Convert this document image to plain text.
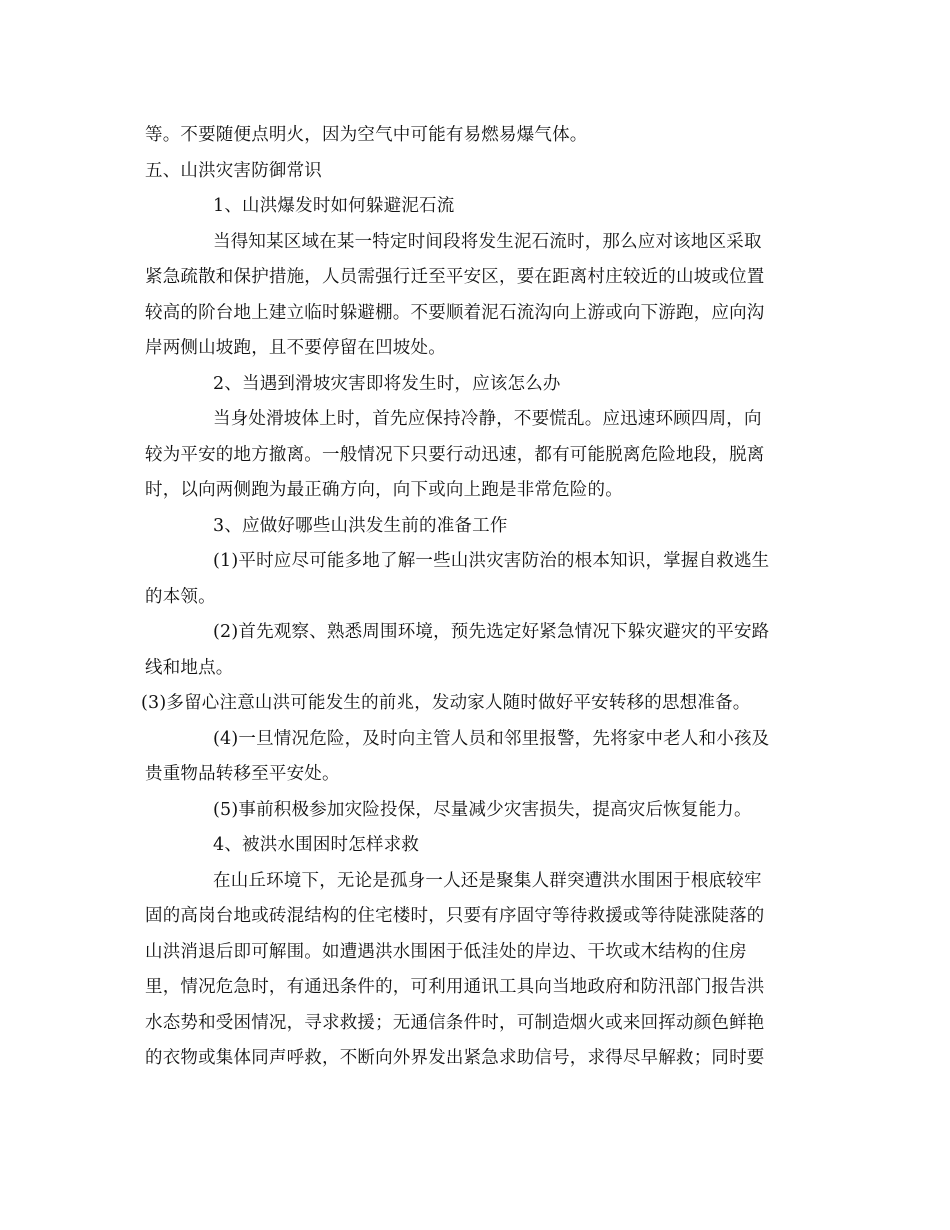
等。不要随便点明火，因为空气中可能有易燃易爆气体。
五、山洪灾害防御常识
1、山洪爆发时如何躲避泥石流
当得知某区域在某一特定时间段将发生泥石流时，那么应对该地区采取
紧急疏散和保护措施，人员需强行迁至平安区，要在距离村庄较近的山坡或位置
较高的阶台地上建立临时躲避棚。不要顺着泥石流沟向上游或向下游跑，应向沟
岸两侧山坡跑，且不要停留在凹坡处。
2、当遇到滑坡灾害即将发生时，应该怎么办
当身处滑坡体上时，首先应保持冷静，不要慌乱。应迅速环顾四周，向
较为平安的地方撤离。一般情况下只要行动迅速，都有可能脱离危险地段，脱离
时，以向两侧跑为最正确方向，向下或向上跑是非常危险的。
3、应做好哪些山洪发生前的准备工作
(1)平时应尽可能多地了解一些山洪灾害防治的根本知识，掌握自救逃生
的本领。
(2)首先观察、熟悉周围环境，预先选定好紧急情况下躲灾避灾的平安路
线和地点。
(3)多留心注意山洪可能发生的前兆，发动家人随时做好平安转移的思想准备。
(4)一旦情况危险，及时向主管人员和邻里报警，先将家中老人和小孩及
贵重物品转移至平安处。
(5)事前积极参加灾险投保，尽量减少灾害损失，提高灾后恢复能力。
4、被洪水围困时怎样求救
在山丘环境下，无论是孤身一人还是聚集人群突遭洪水围困于根底较牢
固的高岗台地或砖混结构的住宅楼时，只要有序固守等待救援或等待陡涨陡落的
山洪消退后即可解围。如遭遇洪水围困于低洼处的岸边、干坎或木结构的住房
里，情况危急时，有通迅条件的，可利用通讯工具向当地政府和防汛部门报告洪
水态势和受困情况，寻求救援；无通信条件时，可制造烟火或来回挥动颜色鲜艳
的衣物或集体同声呼救，不断向外界发出紧急求助信号，求得尽早解救；同时要
